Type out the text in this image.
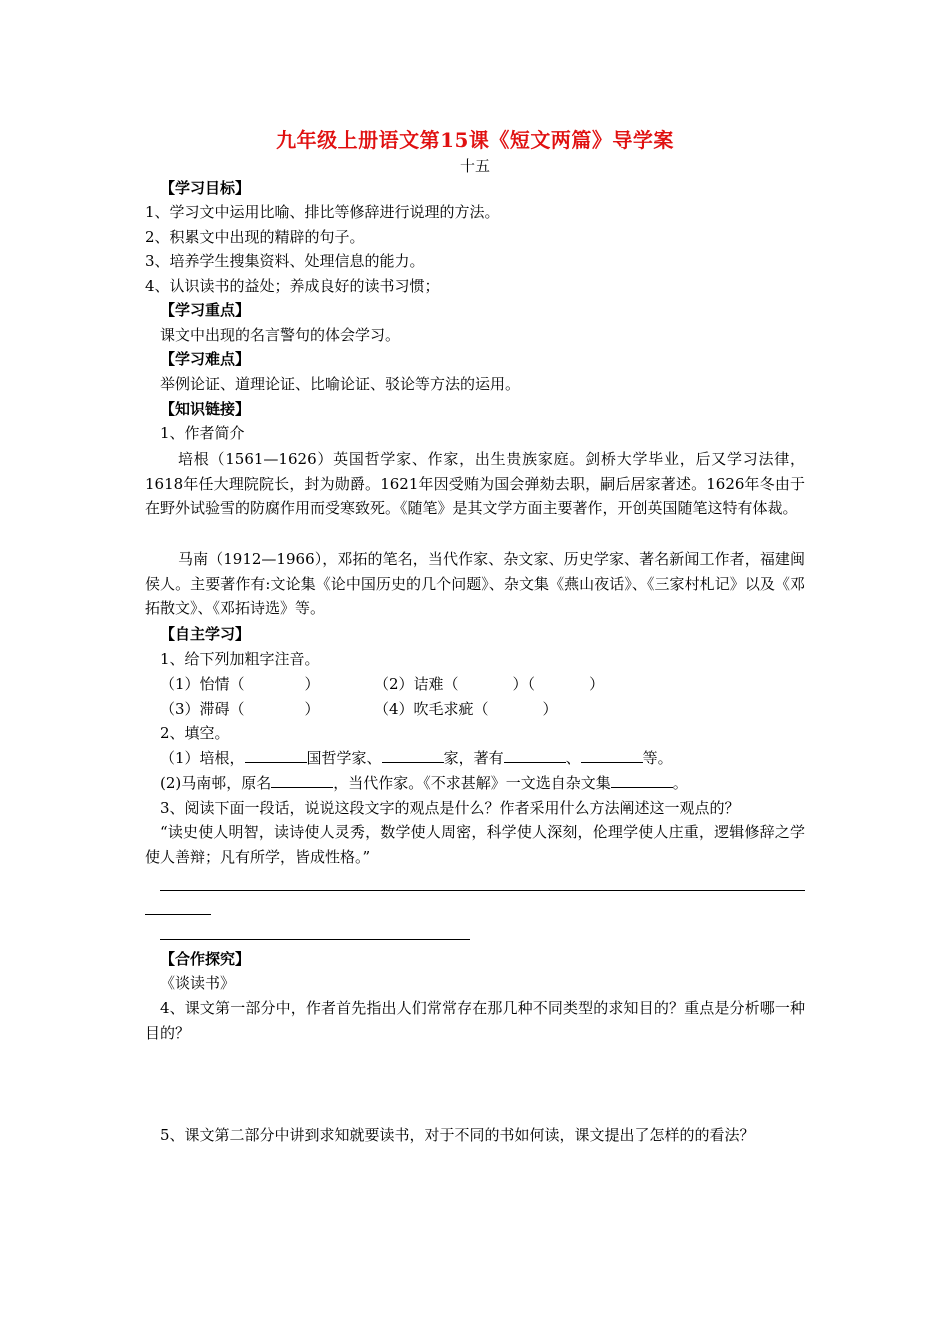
九年级上册语文第15课《短文两篇》导学案
十五
【学习目标】
1、学习文中运用比喻、排比等修辞进行说理的方法。
2、积累文中出现的精辟的句子。
3、培养学生搜集资料、处理信息的能力。
4、认识读书的益处；养成良好的读书习惯；
【学习重点】
课文中出现的名言警句的体会学习。
【学习难点】
举例论证、道理论证、比喻论证、驳论等方法的运用。
【知识链接】
1、作者简介
培根（1561—1626）英国哲学家、作家，出生贵族家庭。剑桥大学毕业，后又学习法律，1618年任大理院院长，封为勋爵。1621年因受贿为国会弹劾去职，嗣后居家著述。1626年冬由于在野外试验雪的防腐作用而受寒致死。《随笔》是其文学方面主要著作，开创英国随笔这特有体裁。
马南（1912—1966），邓拓的笔名，当代作家、杂文家、历史学家、著名新闻工作者，福建闽侯人。主要著作有:文论集《论中国历史的几个问题》、杂文集《燕山夜话》、《三家村札记》以及《邓拓散文》、《邓拓诗选》等。
【自主学习】
1、给下列加粗字注音。
（1）怡情（	）	（2）诘难（	）（	）
（3）滞碍（	）	（4）吹毛求疵（	）
2、填空。
（1）培根，	国哲学家、	家，著有	、	等。
(2)马南邨，原名	，当代作家。《不求甚解》一文选自杂文集	。
3、阅读下面一段话，说说这段文字的观点是什么？作者采用什么方法阐述这一观点的？
“读史使人明智，读诗使人灵秀，数学使人周密，科学使人深刻，伦理学使人庄重，逻辑修辞之学使人善辩；凡有所学，皆成性格。”
【合作探究】
《谈读书》
4、课文第一部分中，作者首先指出人们常常存在那几种不同类型的求知目的？重点是分析哪一种目的？
5、课文第二部分中讲到求知就要读书，对于不同的书如何读，课文提出了怎样的的看法？
